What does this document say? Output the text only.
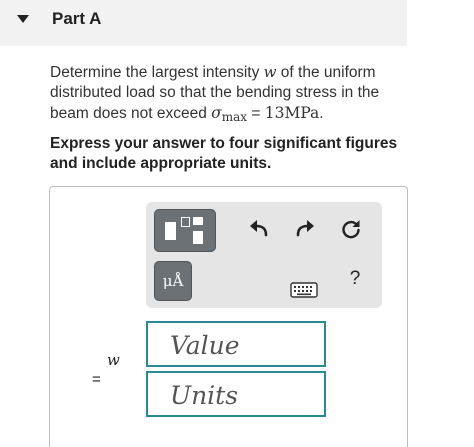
Part A
Determine the largest intensity w of the uniform distributed load so that the bending stress in the beam does not exceed $\sigma_{max} = 13MPa$.
Express your answer to four significant figures and include appropriate units.
μÅ	?
w
=
Value
Units
